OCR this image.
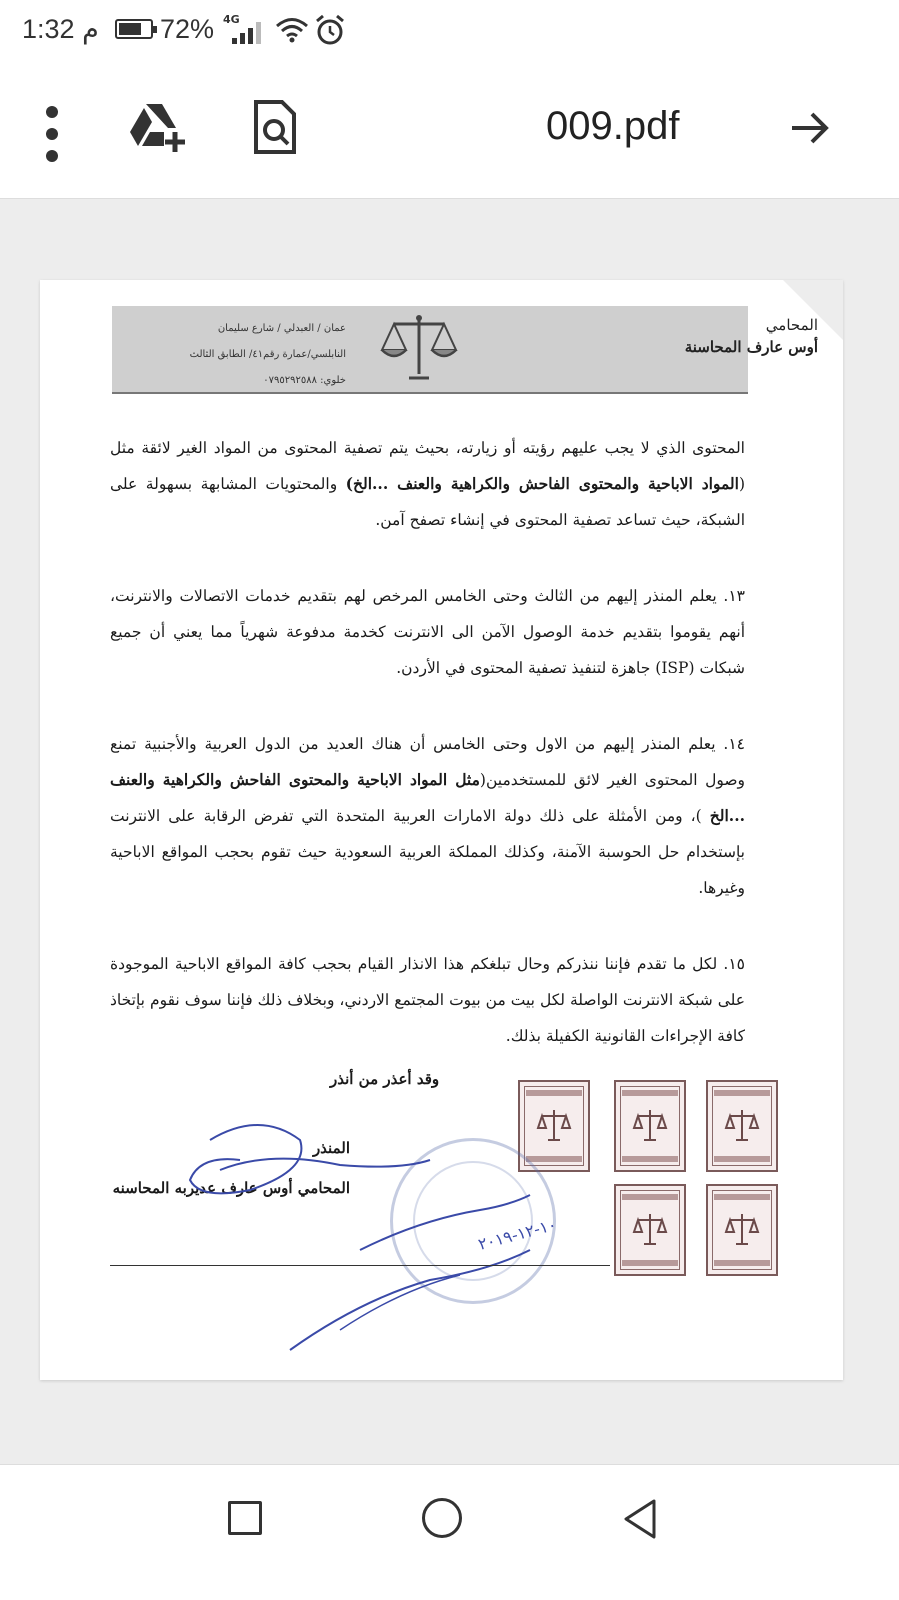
1:32 م 72% 4G
009.pdf
عمان / العبدلي / شارع سليمان
النابلسي/عمارة رقم٤١/ الطابق الثالث
خلوي: ٠٧٩٥٢٩٢٥٨٨
المحامي
أوس عارف المحاسنة

المحتوى الذي لا يجب عليهم رؤيته أو زيارته، بحيث يتم تصفية المحتوى من المواد الغير لائقة مثل (المواد الاباحية والمحتوى الفاحش والكراهية والعنف ...الخ) والمحتويات المشابهة بسهولة على الشبكة، حيث تساعد تصفية المحتوى في إنشاء تصفح آمن.

١٣. يعلم المنذر إليهم من الثالث وحتى الخامس المرخص لهم بتقديم خدمات الاتصالات والانترنت، أنهم يقوموا بتقديم خدمة الوصول الآمن الى الانترنت كخدمة مدفوعة شهرياً مما يعني أن جميع شبكات (ISP) جاهزة لتنفيذ تصفية المحتوى في الأردن.

١٤. يعلم المنذر إليهم من الاول وحتى الخامس أن هناك العديد من الدول العربية والأجنبية تمنع وصول المحتوى الغير لائق للمستخدمين(مثل المواد الاباحية والمحتوى الفاحش والكراهية والعنف ...الخ )، ومن الأمثلة على ذلك دولة الامارات العربية المتحدة التي تفرض الرقابة على الانترنت بإستخدام حل الحوسبة الآمنة، وكذلك المملكة العربية السعودية حيث تقوم بحجب المواقع الاباحية وغيرها.

١٥. لكل ما تقدم فإننا ننذركم وحال تبلغكم هذا الانذار القيام بحجب كافة المواقع الاباحية الموجودة على شبكة الانترنت الواصلة لكل بيت من بيوت المجتمع الاردني، وبخلاف ذلك فإننا سوف نقوم بإتخاذ كافة الإجراءات القانونية الكفيلة بذلك.

وقد أعذر من أنذر
المنذر
المحامي أوس عارف عديربه المحاسنه
١٠-١٢-٢٠١٩
